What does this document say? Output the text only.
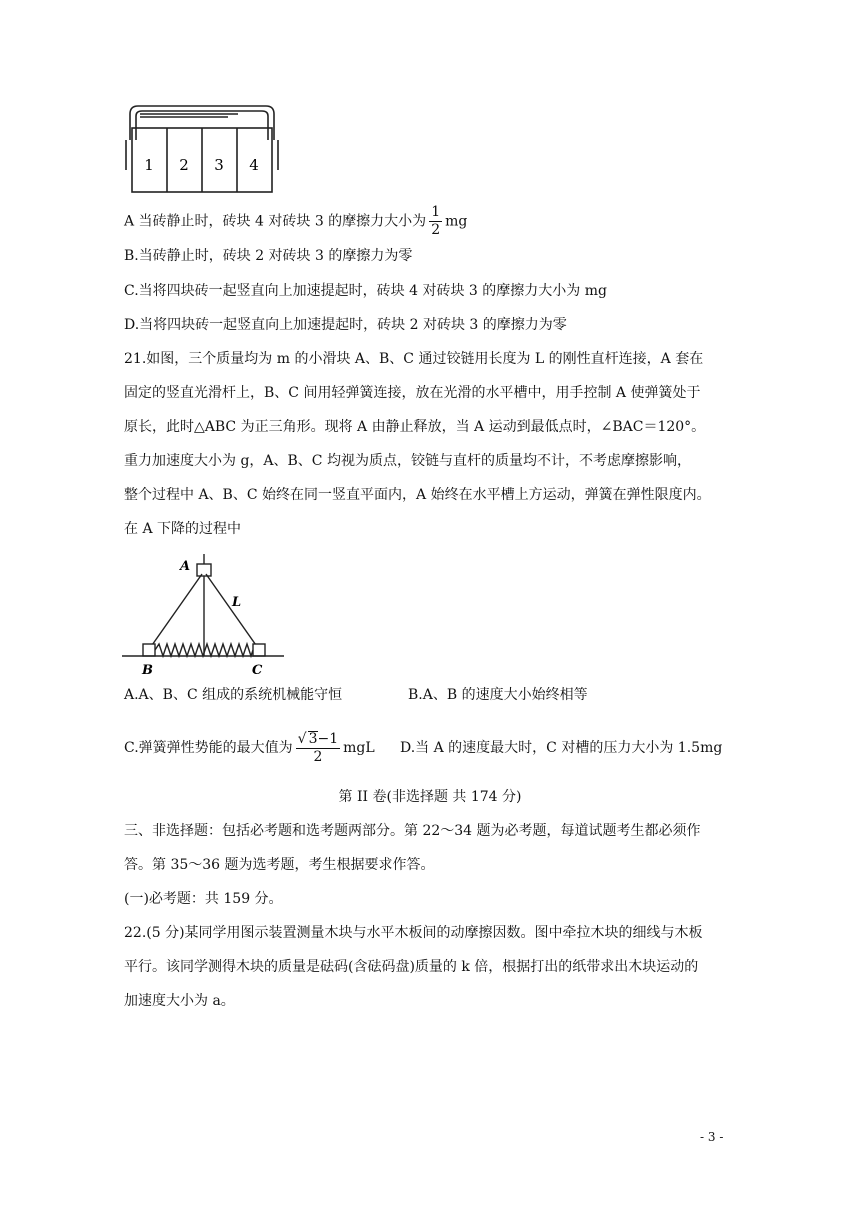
1 2 3 4
A 当砖静止时，砖块 4 对砖块 3 的摩擦力大小为 $\frac{1}{2}$ mg
B.当砖静止时，砖块 2 对砖块 3 的摩擦力为零
C.当将四块砖一起竖直向上加速提起时，砖块 4 对砖块 3 的摩擦力大小为 mg
D.当将四块砖一起竖直向上加速提起时，砖块 2 对砖块 3 的摩擦力为零
21.如图，三个质量均为 m 的小滑块 A、B、C 通过铰链用长度为 L 的刚性直杆连接，A 套在
固定的竖直光滑杆上，B、C 间用轻弹簧连接，放在光滑的水平槽中，用手控制 A 使弹簧处于
原长，此时△ABC 为正三角形。现将 A 由静止释放，当 A 运动到最低点时，∠BAC＝120°。
重力加速度大小为 g，A、B、C 均视为质点，铰链与直杆的质量均不计，不考虑摩擦影响，
整个过程中 A、B、C 始终在同一竖直平面内，A 始终在水平槽上方运动，弹簧在弹性限度内。
在 A 下降的过程中
A
L
B	C
A.A、B、C 组成的系统机械能守恒	B.A、B 的速度大小始终相等
C.弹簧弹性势能的最大值为 $\frac{√ 3-1}{2}$ mgL D.当 A 的速度最大时，C 对槽的压力大小为 1.5mg
第 II 卷(非选择题 共 174 分)
三、非选择题：包括必考题和选考题两部分。第 22～34 题为必考题，每道试题考生都必须作
答。第 35～36 题为选考题，考生根据要求作答。
(一)必考题：共 159 分。
22.(5 分)某同学用图示装置测量木块与水平木板间的动摩擦因数。图中牵拉木块的细线与木板
平行。该同学测得木块的质量是砝码(含砝码盘)质量的 k 倍，根据打出的纸带求出木块运动的
加速度大小为 a。
- 3 -
